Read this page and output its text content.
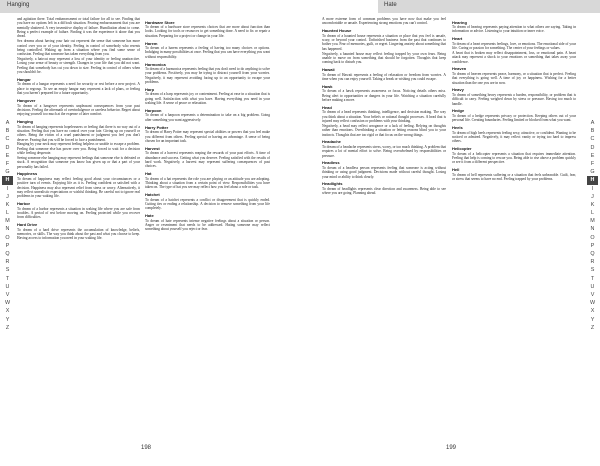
Hanging

and agitation there. Total embarrassment or total failure for all to see. Finding that you have no options left in a difficult situation. Fearing embarrassment that you are mentally shattered. A very insensitive display of failure. Humiliation about to come. Being a perfect example of failure. Finding it was the experience it alone that you dread.

Sex dreams about having your hair cut represent the sense that someone has more control over you or of your identity. Feeling in control of somebody who resents being controlled. Waking up from a situation where you find some sense of confusion. Feeling that someone has taken everything from you.

Negatively, a haircut may represent a loss of your identity or feeling unattractive. Losing your sense of beauty or strength. Changes in your life that you did not want. Feeling that somebody has cut you down to size. Feeling in control of others when you shouldn't be.

Hangar

To dream of a hangar represents a need for security or rest before a new project. A place to regroup. To see an empty hangar may represent a lack of plans, or feeling that you haven't prepared for a future opportunity.

Hangover

To dream of a hangover represents unpleasant consequences from your past decisions. Feeling the aftermath of overindulgence or careless behavior. Regret about enjoying yourself too much at the expense of later comfort.

Hanging

To dream of hanging represents hopelessness or feeling that there is no way out of a situation. Feeling that you have no control over your fate. Giving up on yourself or others. Being the victim of a cruel punishment or judgment you feel you don't deserve. Fearing that you will be forced to face a punishment.

Hanging by your neck may represent feeling helpless or unable to escape a problem. Feeling that someone else has power over you. Being forced to wait for a decision while feeling desperate.

Seeing someone else hanging may represent feelings that someone else is defeated or stuck. A recognition that someone you know has given up or that a part of your personality has failed.

Happiness

To dream of happiness may reflect feeling good about your circumstances or a positive turn of events. Enjoying life as it is. Feeling confident or satisfied with a decision. Happiness may also represent relief from stress or worry. Alternatively, it may reflect unrealistic expectations or wishful thinking. Be careful not to ignore real problems in your waking life.

Harbor

To dream of a harbor represents a situation in waking life where you are safe from troubles. A period of rest before moving on. Feeling protected while you recover from difficulties.

Hard Drive

To dream of a hard drive represents the accumulation of knowledge, beliefs, memories, or skills. The way you think about the past and what you choose to keep. Having access to information you need in your waking life.

Hardware Store

To dream of a hardware store represents choices that are more about function than looks. Looking for tools or resources to get something done. A need to fix or repair a situation. Preparing for a project or change in your life.

Harem

To dream of a harem represents a feeling of having too many choices or options. Indulging in many possibilities at once. Feeling that you can have everything you want without responsibility.

Harmonica

To dream of a harmonica represents feeling that you don't need to do anything to solve your problems. Positively, you may be trying to distract yourself from your worries. Negatively, it may represent avoiding facing up to an opportunity to escape your problems.

Harp

To dream of a harp represents joy or contentment. Feeling at ease in a situation that is going well. Satisfaction with what you have. Having everything you need in your waking life. A sense of peace or relaxation.

Harpoon

To dream of a harpoon represents a determination to take on a big problem. Going after something you want aggressively.

Harry Potter

To dream of Harry Potter may represent special abilities or powers that you feel make you different from others. Feeling special or having an advantage. A sense of being chosen for an important task.

Harvest

To dream of a harvest represents reaping the rewards of your past efforts. A time of abundance and success. Getting what you deserve. Feeling satisfied with the results of hard work. Negatively, a harvest may represent suffering consequences of past choices.

Hat

To dream of a hat represents the role you are playing or an attitude you are adopting. Thinking about a situation from a certain point of view. Responsibilities you have taken on. The type of hat you see may reflect how you feel about a role or task.

Hatchet

To dream of a hatchet represents a conflict or disagreement that is quickly ended. Cutting ties or ending a relationship. A decision to remove something from your life completely.

Hate

To dream of hate represents intense negative feelings about a situation or person. Anger or resentment that needs to be addressed. Hating someone may reflect something about yourself you reject or fear.

A
B
C
D
E
F
G
H
I
J
K
L
M
N
O
P
Q
R
S
T
U
V
W
X
Y
Z
198
Hate

A more extreme form of common problems you have now that make you feel uncomfortable or unsafe. Experiencing strong emotions you can't control.

Haunted House

To dream of a haunted house represents a situation or place that you feel is unsafe, scary, or beyond your control. Unfinished business from the past that continues to bother you. Fear of memories, guilt, or regret. Lingering anxiety about something that has happened.

Negatively, a haunted house may reflect feeling trapped by your own fears. Being unable to move on from something that should be forgotten. Thoughts that keep coming back to disturb you.

Hawaii

To dream of Hawaii represents a feeling of relaxation or freedom from worries. A time when you can enjoy yourself. Taking a break or wishing you could escape.

Hawk

To dream of a hawk represents awareness or focus. Noticing details others miss. Being alert to opportunities or dangers in your life. Watching a situation carefully before making a move.

Head

To dream of a head represents thinking, intelligence, and decision making. The way you think about a situation. Your beliefs or rational thought processes. A head that is injured may reflect confusion or problems with your thinking.

Negatively, a head may reflect arrogance or a lack of feeling. Relying on thoughts rather than emotions. Overthinking a situation or letting reasons blind you to your instincts. Thoughts that are too rigid or that focus on the wrong things.

Headache

To dream of a headache represents stress, worry, or too much thinking. A problem that requires a lot of mental effort to solve. Being overwhelmed by responsibilities or pressure.

Headless

To dream of a headless person represents feeling that someone is acting without thinking or using good judgment. Decisions made without careful thought. Losing your mind or ability to think clearly.

Headlights

To dream of headlights represents clear direction and awareness. Being able to see where you are going. Planning ahead.

Hearing

To dream of hearing represents paying attention to what others are saying. Taking in information or advice. Listening to your intuition or inner voice.

Heart

To dream of a heart represents feelings, love, or emotions. The emotional side of your life. Caring or passion for something. The center of your feelings or values.

A heart that is broken may reflect disappointment, loss, or emotional pain. A heart attack may represent a shock to your emotions or something that takes away your confidence.

Heaven

To dream of heaven represents peace, harmony, or a situation that is perfect. Feeling that everything is going well. A time of joy or happiness. Wishing for a better situation than the one you are in now.

Heavy

To dream of something heavy represents a burden, responsibility, or problem that is difficult to carry. Feeling weighed down by stress or pressure. Having too much to handle.

Hedge

To dream of a hedge represents privacy or protection. Keeping others out of your personal life. Creating boundaries. Feeling limited or blocked from what you want.

Heels

To dream of high heels represents feeling sexy, attractive, or confident. Wanting to be noticed or admired. Negatively, it may reflect vanity or trying too hard to impress others.

Helicopter

To dream of a helicopter represents a situation that requires immediate attention. Feeling that help is coming to rescue you. Being able to rise above a problem quickly or see it from a different perspective.

Hell

To dream of hell represents suffering or a situation that feels unbearable. Guilt, fear, or stress that seems to have no end. Feeling trapped by your problems.

A
B
C
D
E
F
G
H
I
J
K
L
M
N
O
P
Q
R
S
T
U
V
W
X
Y
Z
199
